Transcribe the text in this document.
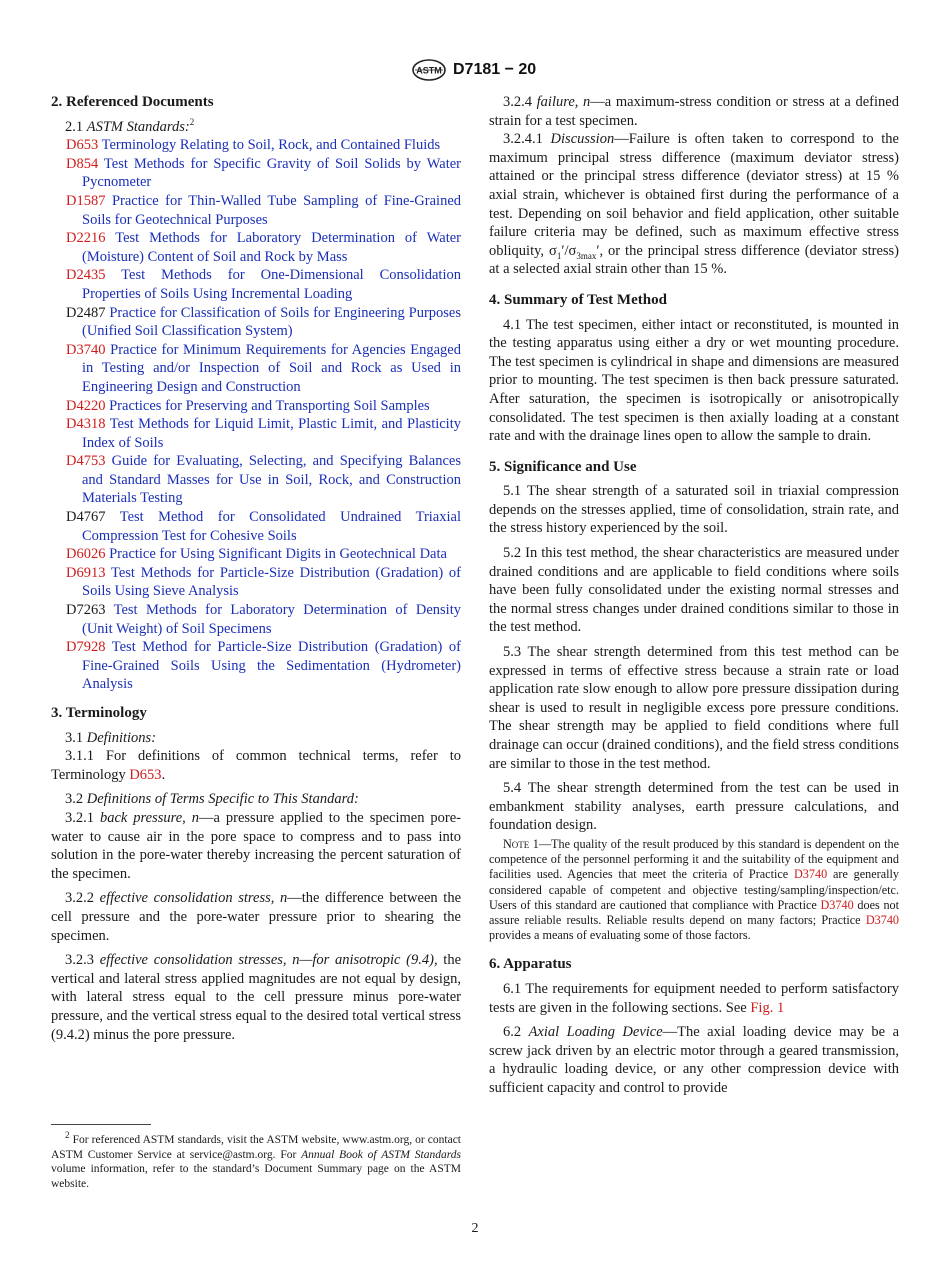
ASTM D7181 − 20
2. Referenced Documents

2.1 ASTM Standards:$^2$

D653 Terminology Relating to Soil, Rock, and Contained Fluids

D854 Test Methods for Specific Gravity of Soil Solids by Water Pycnometer

D1587 Practice for Thin-Walled Tube Sampling of Fine-Grained Soils for Geotechnical Purposes

D2216 Test Methods for Laboratory Determination of Water (Moisture) Content of Soil and Rock by Mass

D2435 Test Methods for One-Dimensional Consolidation Properties of Soils Using Incremental Loading

D2487 Practice for Classification of Soils for Engineering Purposes (Unified Soil Classification System)

D3740 Practice for Minimum Requirements for Agencies Engaged in Testing and/or Inspection of Soil and Rock as Used in Engineering Design and Construction

D4220 Practices for Preserving and Transporting Soil Samples

D4318 Test Methods for Liquid Limit, Plastic Limit, and Plasticity Index of Soils

D4753 Guide for Evaluating, Selecting, and Specifying Balances and Standard Masses for Use in Soil, Rock, and Construction Materials Testing

D4767 Test Method for Consolidated Undrained Triaxial Compression Test for Cohesive Soils

D6026 Practice for Using Significant Digits in Geotechnical Data

D6913 Test Methods for Particle-Size Distribution (Gradation) of Soils Using Sieve Analysis

D7263 Test Methods for Laboratory Determination of Density (Unit Weight) of Soil Specimens

D7928 Test Method for Particle-Size Distribution (Gradation) of Fine-Grained Soils Using the Sedimentation (Hydrometer) Analysis

3. Terminology

3.1 Definitions:

3.1.1 For definitions of common technical terms, refer to Terminology D653.

3.2 Definitions of Terms Specific to This Standard:

3.2.1 back pressure, n—a pressure applied to the specimen pore-water to cause air in the pore space to compress and to pass into solution in the pore-water thereby increasing the percent saturation of the specimen.

3.2.2 effective consolidation stress, n—the difference between the cell pressure and the pore-water pressure prior to shearing the specimen.

3.2.3 effective consolidation stresses, n—for anisotropic (9.4), the vertical and lateral stress applied magnitudes are not equal by design, with lateral stress equal to the cell pressure minus pore-water pressure, and the vertical stress equal to the desired total vertical stress (9.4.2) minus the pore pressure.

3.2.4 failure, n—a maximum-stress condition or stress at a defined strain for a test specimen.

3.2.4.1 Discussion—Failure is often taken to correspond to the maximum principal stress difference (maximum deviator stress) attained or the principal stress difference (deviator stress) at 15 % axial strain, whichever is obtained first during the performance of a test. Depending on soil behavior and field application, other suitable failure criteria may be defined, such as maximum effective stress obliquity, $\sigma_1'/\sigma_{3max}'$, or the principal stress difference (deviator stress) at a selected axial strain other than 15 %.

4. Summary of Test Method

4.1 The test specimen, either intact or reconstituted, is mounted in the testing apparatus using either a dry or wet mounting procedure. The test specimen is cylindrical in shape and dimensions are measured prior to mounting. The test specimen is then back pressure saturated. After saturation, the specimen is isotropically or anisotropically consolidated. The test specimen is then axially loading at a constant rate and with the drainage lines open to allow the sample to drain.

5. Significance and Use

5.1 The shear strength of a saturated soil in triaxial compression depends on the stresses applied, time of consolidation, strain rate, and the stress history experienced by the soil.

5.2 In this test method, the shear characteristics are measured under drained conditions and are applicable to field conditions where soils have been fully consolidated under the existing normal stresses and the normal stress changes under drained conditions similar to those in the test method.

5.3 The shear strength determined from this test method can be expressed in terms of effective stress because a strain rate or load application rate slow enough to allow pore pressure dissipation during shear is used to result in negligible excess pore pressure conditions. The shear strength may be applied to field conditions where full drainage can occur (drained conditions), and the field stress conditions are similar to those in the test method.

5.4 The shear strength determined from the test can be used in embankment stability analyses, earth pressure calculations, and foundation design.

Note 1—The quality of the result produced by this standard is dependent on the competence of the personnel performing it and the suitability of the equipment and facilities used. Agencies that meet the criteria of Practice D3740 are generally considered capable of competent and objective testing/sampling/inspection/etc. Users of this standard are cautioned that compliance with Practice D3740 does not assure reliable results. Reliable results depend on many factors; Practice D3740 provides a means of evaluating some of those factors.

6. Apparatus

6.1 The requirements for equipment needed to perform satisfactory tests are given in the following sections. See Fig. 1

6.2 Axial Loading Device—The axial loading device may be a screw jack driven by an electric motor through a geared transmission, a hydraulic loading device, or any other compression device with sufficient capacity and control to provide

$^2$ For referenced ASTM standards, visit the ASTM website, www.astm.org, or contact ASTM Customer Service at service@astm.org. For Annual Book of ASTM Standards volume information, refer to the standard’s Document Summary page on the ASTM website.
2
